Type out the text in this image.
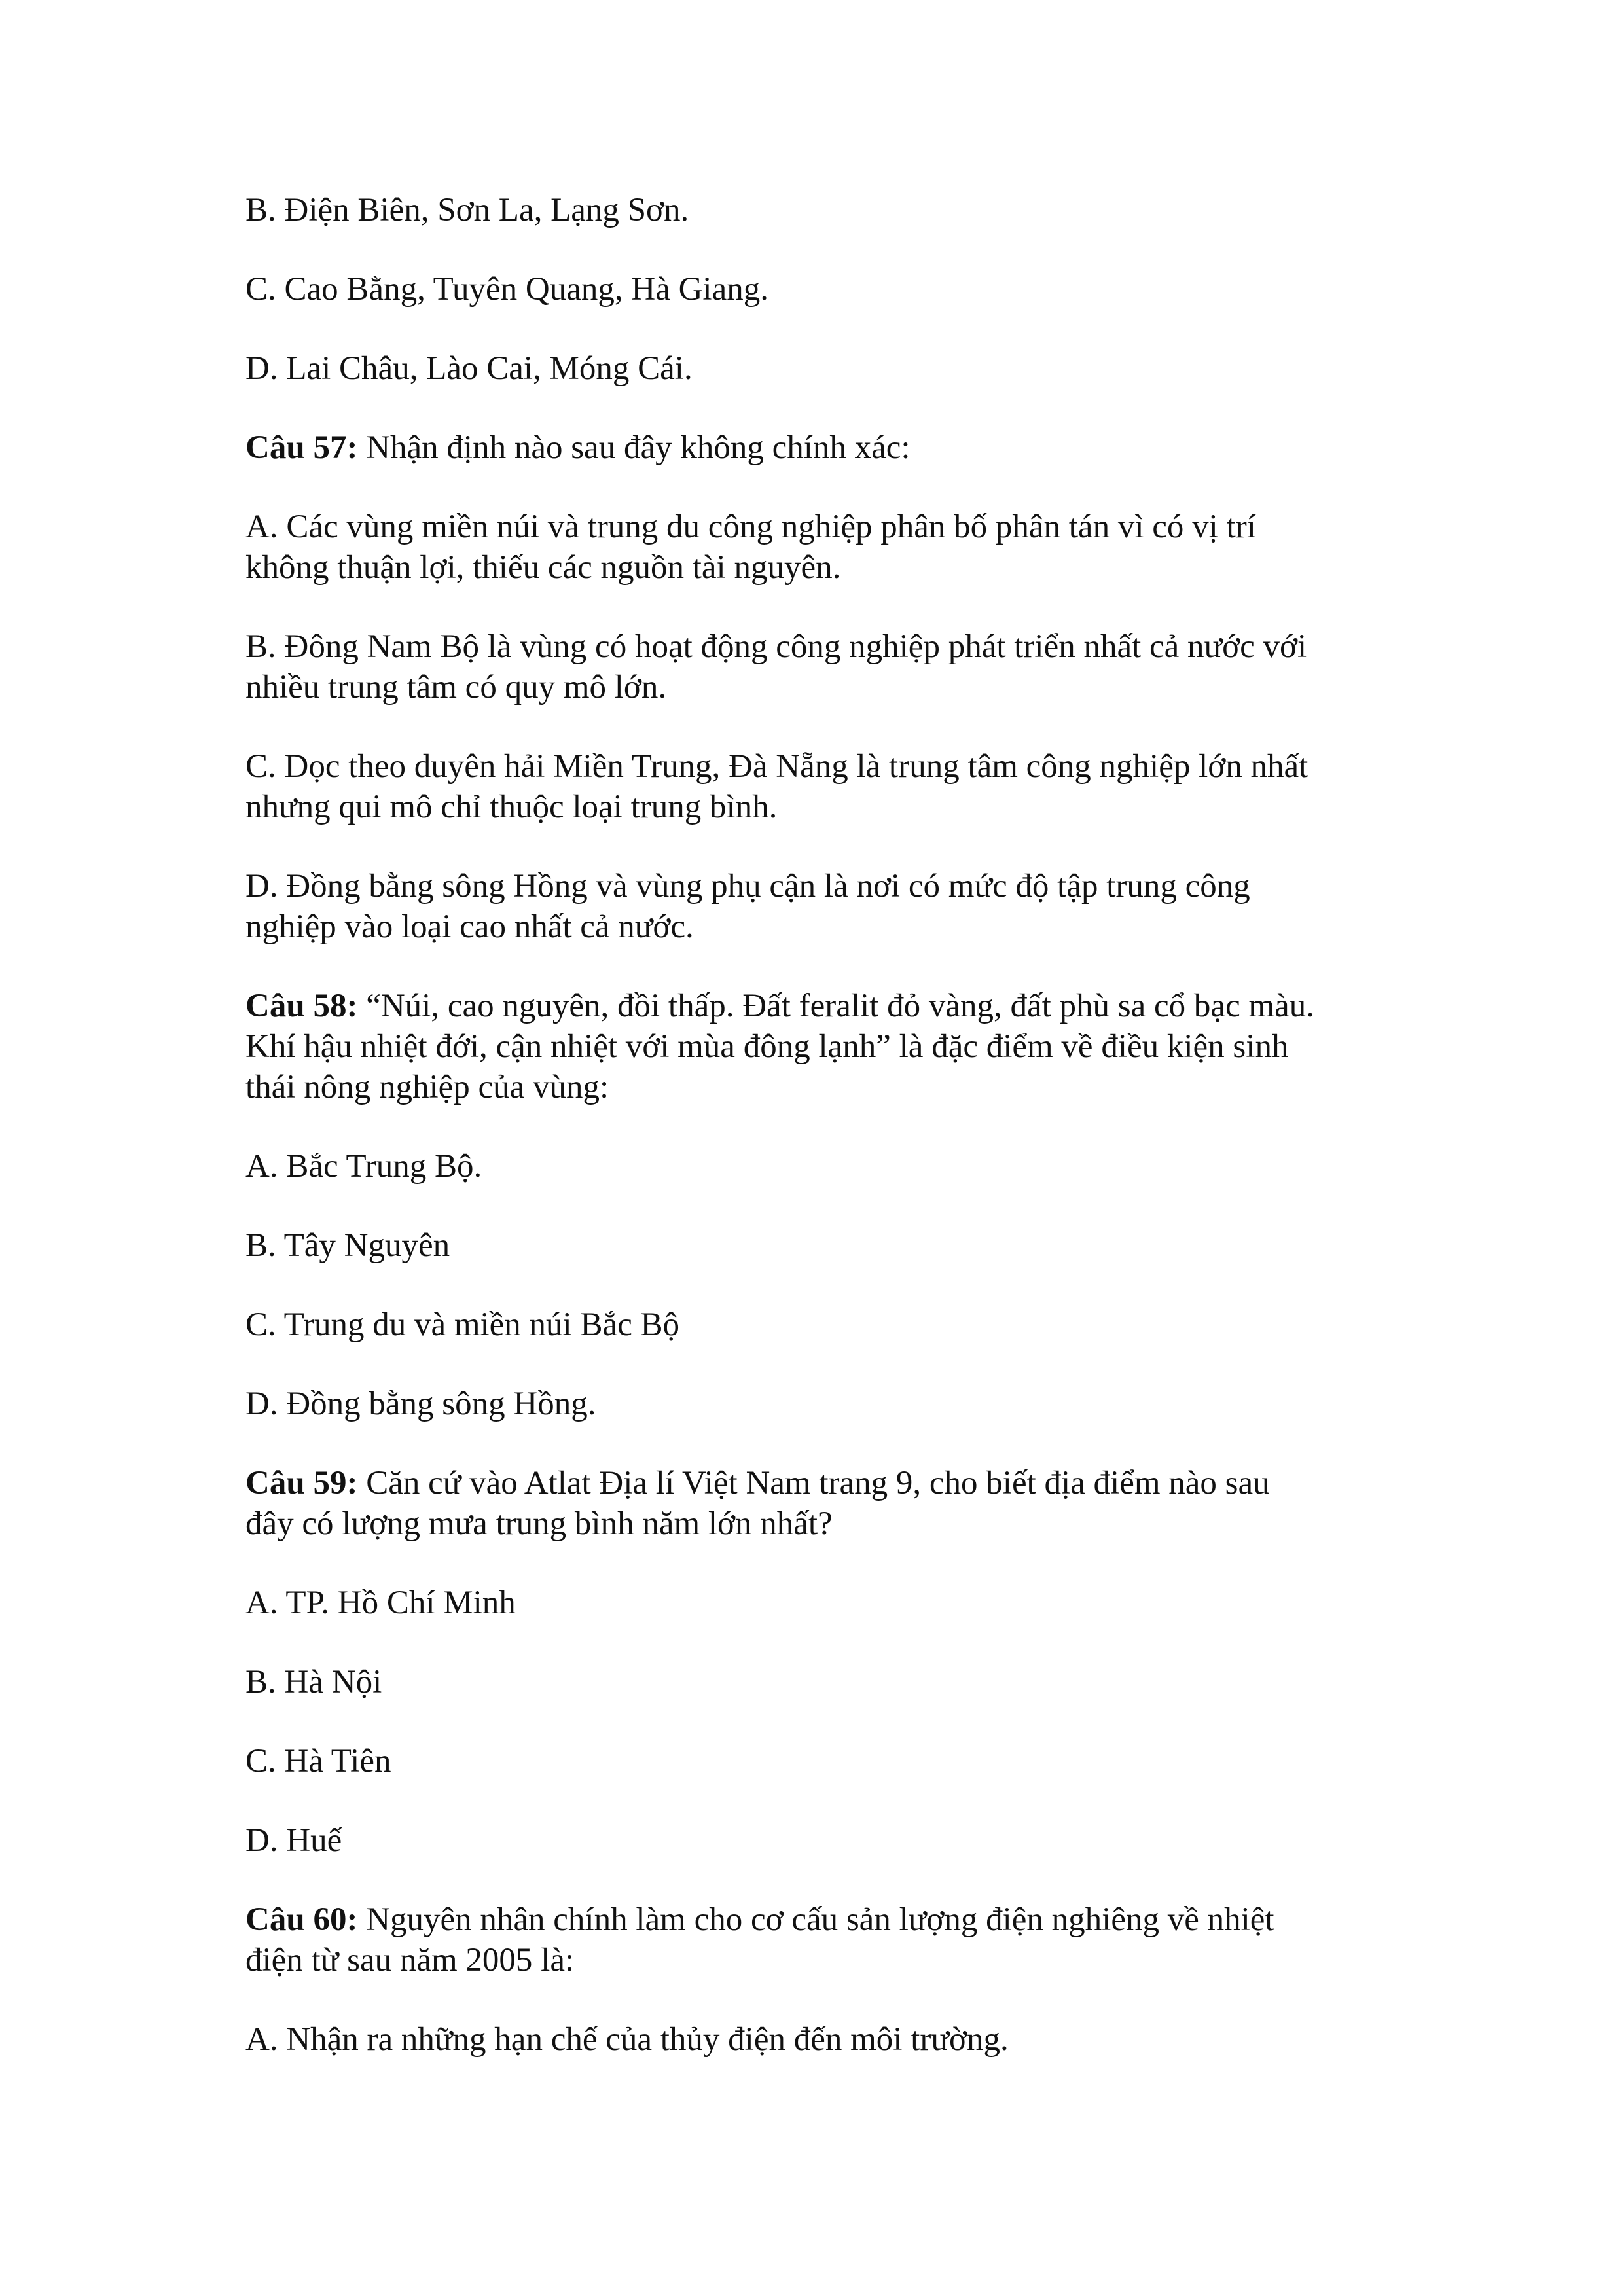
B. Điện Biên, Sơn La, Lạng Sơn.
C. Cao Bằng, Tuyên Quang, Hà Giang.
D. Lai Châu, Lào Cai, Móng Cái.
Câu 57: Nhận định nào sau đây không chính xác:
A. Các vùng miền núi và trung du công nghiệp phân bố phân tán vì có vị trí
không thuận lợi, thiếu các nguồn tài nguyên.
B. Đông Nam Bộ là vùng có hoạt động công nghiệp phát triển nhất cả nước với
nhiều trung tâm có quy mô lớn.
C. Dọc theo duyên hải Miền Trung, Đà Nẵng là trung tâm công nghiệp lớn nhất
nhưng qui mô chỉ thuộc loại trung bình.
D. Đồng bằng sông Hồng và vùng phụ cận là nơi có mức độ tập trung công
nghiệp vào loại cao nhất cả nước.
Câu 58: “Núi, cao nguyên, đồi thấp. Đất feralit đỏ vàng, đất phù sa cổ bạc màu.
Khí hậu nhiệt đới, cận nhiệt với mùa đông lạnh” là đặc điểm về điều kiện sinh
thái nông nghiệp của vùng:
A. Bắc Trung Bộ.
B. Tây Nguyên
C. Trung du và miền núi Bắc Bộ
D. Đồng bằng sông Hồng.
Câu 59: Căn cứ vào Atlat Địa lí Việt Nam trang 9, cho biết địa điểm nào sau
đây có lượng mưa trung bình năm lớn nhất?
A. TP. Hồ Chí Minh
B. Hà Nội
C. Hà Tiên
D. Huế
Câu 60: Nguyên nhân chính làm cho cơ cấu sản lượng điện nghiêng về nhiệt
điện từ sau năm 2005 là:
A. Nhận ra những hạn chế của thủy điện đến môi trường.
